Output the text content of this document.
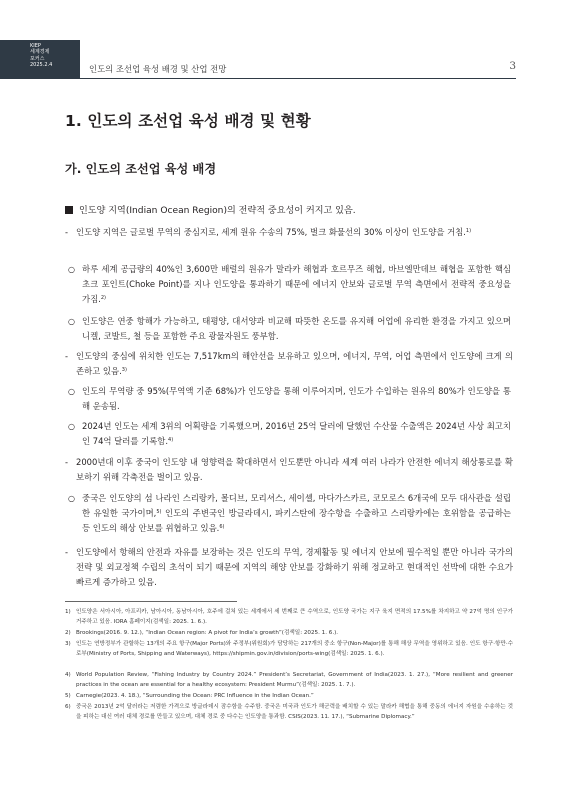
KIEP
세계경제
포커스
2025.2.4	인도의 조선업 육성 배경 및 산업 전망	3
1. 인도의 조선업 육성 배경 및 현황
가. 인도의 조선업 육성 배경
인도양 지역(Indian Ocean Region)의 전략적 중요성이 커지고 있음.
- 인도양 지역은 글로벌 무역의 중심지로, 세계 원유 수송의 75%, 벌크 화물선의 30% 이상이 인도양을 거침.$^{1)}$
○ 하루 세계 공급량의 40%인 3,600만 배럴의 원유가 말라카 해협과 호르무즈 해협, 바브엘만데브 해협을 포함한 핵심 초크 포인트(Choke Point)를 지나 인도양을 통과하기 때문에 에너지 안보와 글로벌 무역 측면에서 전략적 중요성을 가짐.$^{2)}$
○ 인도양은 연중 항해가 가능하고, 태평양, 대서양과 비교해 따뜻한 온도를 유지해 어업에 유리한 환경을 가지고 있으며 니켈, 코발트, 철 등을 포함한 주요 광물자원도 풍부함.
- 인도양의 중심에 위치한 인도는 7,517km의 해안선을 보유하고 있으며, 에너지, 무역, 어업 측면에서 인도양에 크게 의존하고 있음.$^{3)}$
○ 인도의 무역량 중 95%(무역액 기준 68%)가 인도양을 통해 이루어지며, 인도가 수입하는 원유의 80%가 인도양을 통해 운송됨.
○ 2024년 인도는 세계 3위의 어획량을 기록했으며, 2016년 25억 달러에 달했던 수산물 수출액은 2024년 사상 최고치인 74억 달러를 기록함.$^{4)}$
- 2000년대 이후 중국이 인도양 내 영향력을 확대하면서 인도뿐만 아니라 세계 여러 나라가 안전한 에너지 해상통로를 확보하기 위해 각축전을 벌이고 있음.
○ 중국은 인도양의 섬 나라인 스리랑카, 몰디브, 모리셔스, 세이셸, 마다가스카르, 코모로스 6개국에 모두 대사관을 설립한 유일한 국가이며,$^{5)}$ 인도의 주변국인 방글라데시, 파키스탄에 장수항을 수출하고 스리랑카에는 호위함을 공급하는 등 인도의 해상 안보를 위협하고 있음.$^{6)}$
- 인도양에서 항해의 안전과 자유를 보장하는 것은 인도의 무역, 경제활동 및 에너지 안보에 필수적일 뿐만 아니라 국가의 전략 및 외교정책 수립의 초석이 되기 때문에 지역의 해양 안보를 강화하기 위해 정교하고 현대적인 선박에 대한 수요가 빠르게 증가하고 있음.
1) 인도양은 서아시아, 아프리카, 남아시아, 동남아시아, 호주에 걸쳐 있는 세계에서 세 번째로 큰 수역으로, 인도양 국가는 지구 육지 면적의 17.5%를 차지하고 약 27억 명의 인구가 거주하고 있음. IORA 홈페이지(검색일: 2025. 1. 6.).
2) Brookings(2016. 9. 12.), “Indian Ocean region: A pivot for India’s growth”(검색일: 2025. 1. 6.).
3) 인도는 연방정부가 관할하는 13개의 주요 항구(Major Ports)와 주정부(위원회)가 담당하는 217개의 중소 항구(Non-Major)를 통해 해상 무역을 영위하고 있음. 인도 항구·항만·수로부(Ministry of Ports, Shipping and Waterways), https://shipmin.gov.in/division/ports-wing(검색일: 2025. 1. 6.).
4) World Population Review, “Fishing Industry by Country 2024.” President’s Secretariat, Government of India(2023. 1. 27.), “More resilient and greener practices in the ocean are essential for a healthy ecosystem: President Murmu”(검색일: 2025. 1. 7.).
5) Carnegie(2023. 4. 18.), “Surrounding the Ocean: PRC Influence in the Indian Ocean.”
6) 중국은 2013년 2억 달러라는 저렴한 가격으로 방글라데시 잠수함을 수주함. 중국은 미국과 인도가 해군력을 배치할 수 있는 말라카 해협을 통해 중동의 에너지 자원을 수송하는 것을 피하는 대신 여러 대체 경로를 만들고 있으며, 대체 경로 중 다수는 인도양을 통과함. CSIS(2023. 11. 17.), “Submarine Diplomacy.”
